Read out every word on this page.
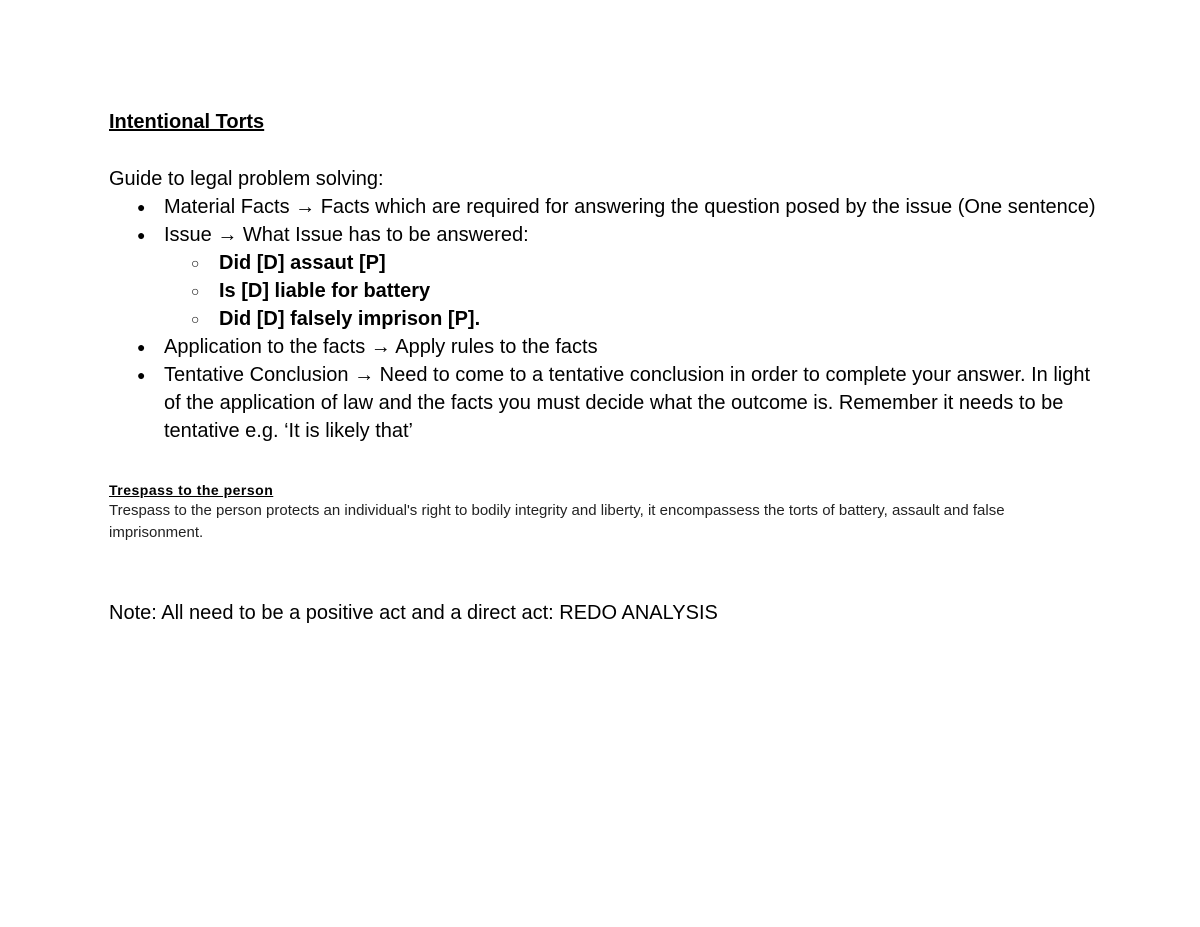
Intentional Torts
Guide to legal problem solving:
● Material Facts → Facts which are required for answering the question posed by the issue (One sentence)
● Issue → What Issue has to be answered:
○ Did [D] assaut [P]
○ Is [D] liable for battery
○ Did [D] falsely imprison [P].
● Application to the facts → Apply rules to the facts
● Tentative Conclusion → Need to come to a tentative conclusion in order to complete your answer. In light of the application of law and the facts you must decide what the outcome is. Remember it needs to be tentative e.g. ‘It is likely that’
Trespass to the person
Trespass to the person protects an individual's right to bodily integrity and liberty, it encompassess the torts of battery, assault and false imprisonment.
Note: All need to be a positive act and a direct act: REDO ANALYSIS
